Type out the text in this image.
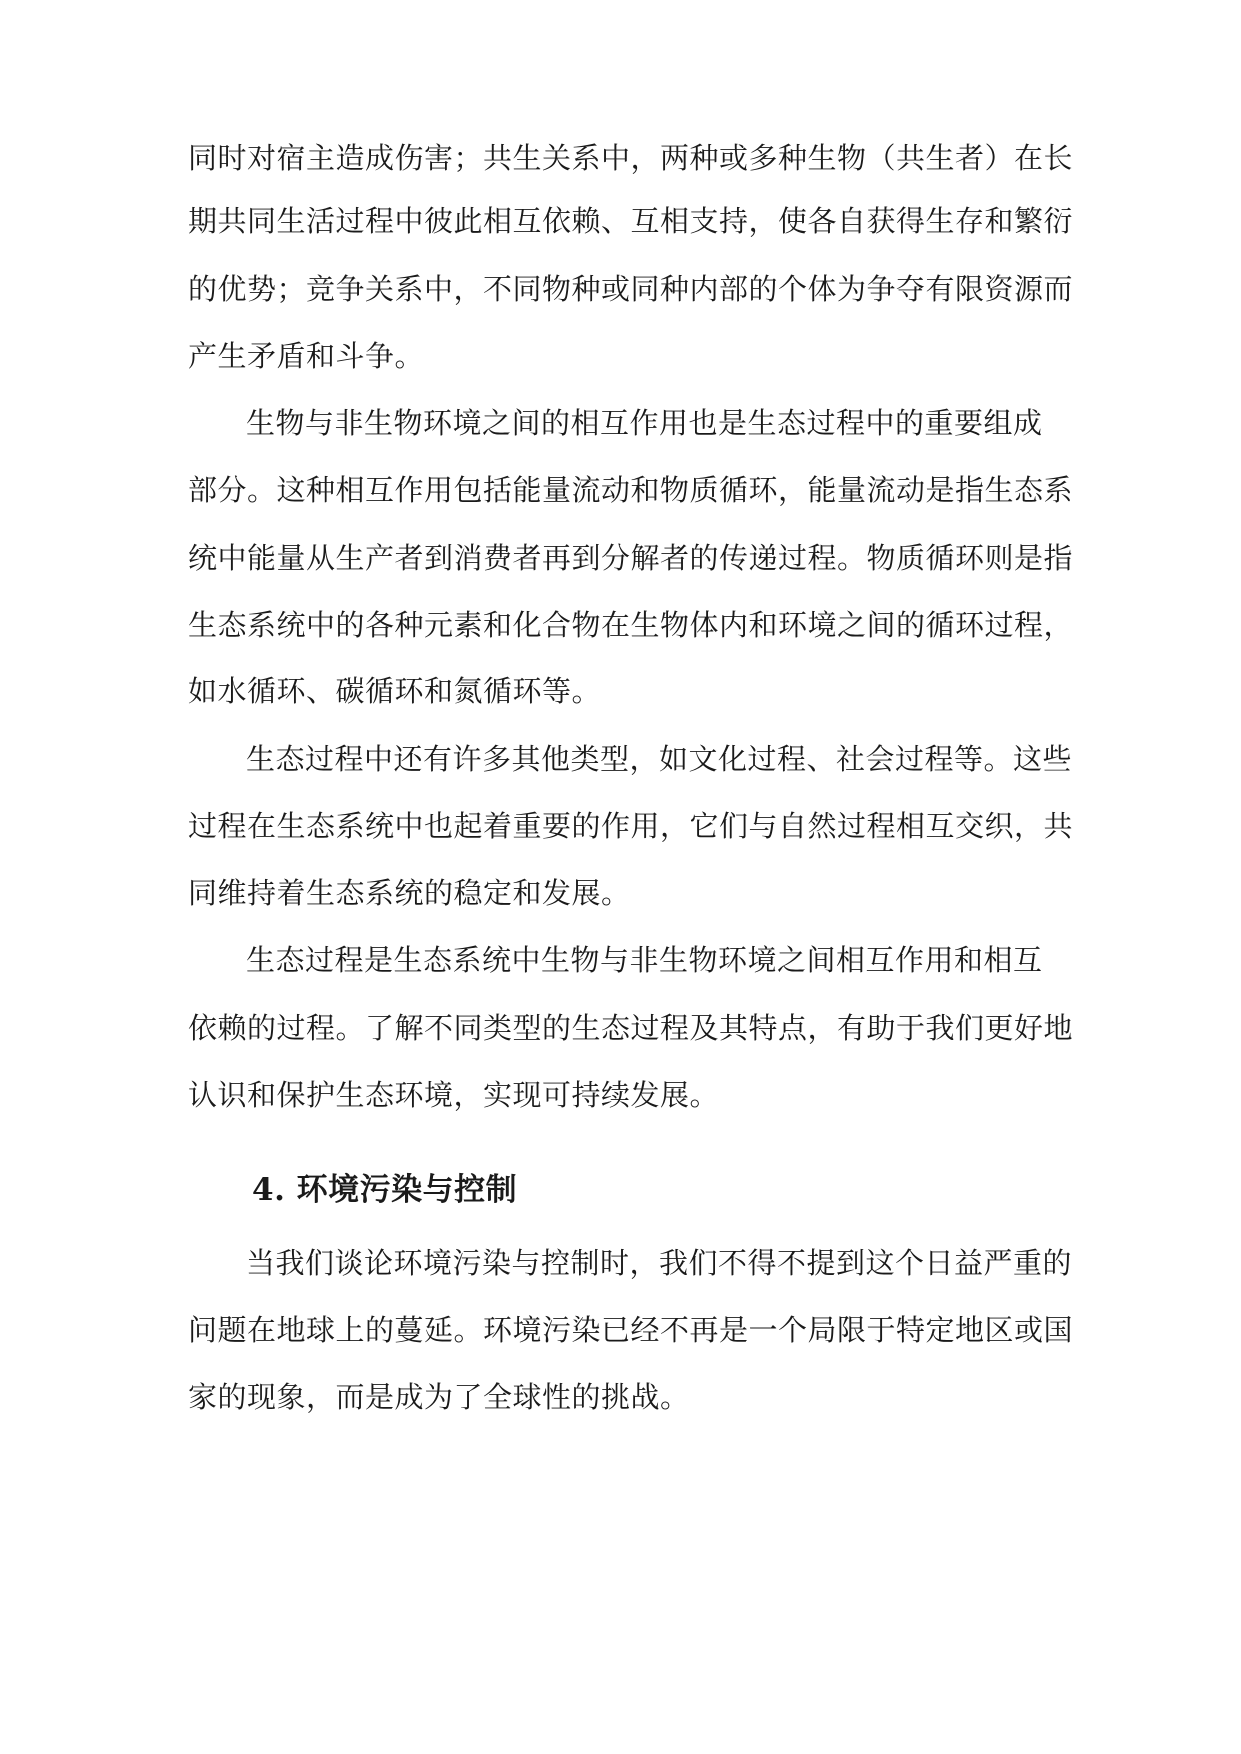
同时对宿主造成伤害；共生关系中，两种或多种生物（共生者）在长
期共同生活过程中彼此相互依赖、互相支持，使各自获得生存和繁衍
的优势；竞争关系中，不同物种或同种内部的个体为争夺有限资源而
产生矛盾和斗争。
生物与非生物环境之间的相互作用也是生态过程中的重要组成
部分。这种相互作用包括能量流动和物质循环，能量流动是指生态系
统中能量从生产者到消费者再到分解者的传递过程。物质循环则是指
生态系统中的各种元素和化合物在生物体内和环境之间的循环过程，
如水循环、碳循环和氮循环等。
生态过程中还有许多其他类型，如文化过程、社会过程等。这些
过程在生态系统中也起着重要的作用，它们与自然过程相互交织，共
同维持着生态系统的稳定和发展。
生态过程是生态系统中生物与非生物环境之间相互作用和相互
依赖的过程。了解不同类型的生态过程及其特点，有助于我们更好地
认识和保护生态环境，实现可持续发展。
4. 环境污染与控制
当我们谈论环境污染与控制时，我们不得不提到这个日益严重的
问题在地球上的蔓延。环境污染已经不再是一个局限于特定地区或国
家的现象，而是成为了全球性的挑战。
